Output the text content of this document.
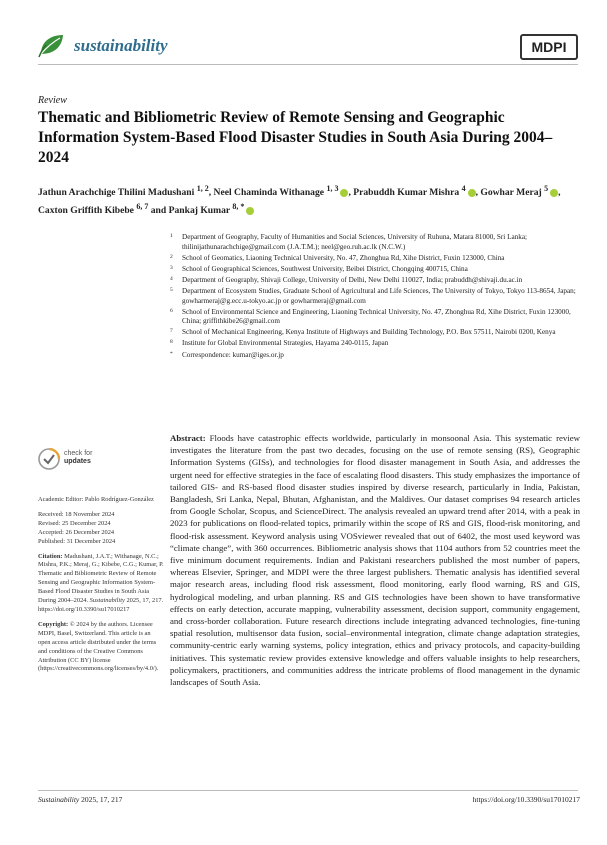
sustainability	MDPI
Review
Thematic and Bibliometric Review of Remote Sensing and Geographic Information System-Based Flood Disaster Studies in South Asia During 2004–2024
Jathun Arachchige Thilini Madushani $^{1, 2}$, Neel Chaminda Withanage $^{1, 3}$ , Prabuddh Kumar Mishra $^4$ , Gowhar Meraj $^5$ , Caxton Griffith Kibebe $^{6, 7}$ and Pankaj Kumar $^{8, *}$
1 Department of Geography, Faculty of Humanities and Social Sciences, University of Ruhuna, Matara 81000, Sri Lanka; thilinijathunarachchige@gmail.com (J.A.T.M.); neel@geo.ruh.ac.lk (N.C.W.)
2 School of Geomatics, Liaoning Technical University, No. 47, Zhonghua Rd, Xihe District, Fuxin 123000, China
3 School of Geographical Sciences, Southwest University, Beibei District, Chongqing 400715, China
4 Department of Geography, Shivaji College, University of Delhi, New Delhi 110027, India; prabuddh@shivaji.du.ac.in
5 Department of Ecosystem Studies, Graduate School of Agricultural and Life Sciences, The University of Tokyo, Tokyo 113-8654, Japan; gowharmeraj@g.ecc.u-tokyo.ac.jp or gowharmeraj@gmail.com
6 School of Environmental Science and Engineering, Liaoning Technical University, No. 47, Zhonghua Rd, Xihe District, Fuxin 123000, China; griffithkibe26@gmail.com
7 School of Mechanical Engineering, Kenya Institute of Highways and Building Technology, P.O. Box 57511, Nairobi 0200, Kenya
8 Institute for Global Environmental Strategies, Hayama 240-0115, Japan
* Correspondence: kumar@iges.or.jp
check for
updates
Academic Editor: Pablo Rodríguez-González
Received: 18 November 2024
Revised: 25 December 2024
Accepted: 26 December 2024
Published: 31 December 2024
Citation: Madushani, J.A.T.; Withanage, N.C.; Mishra, P.K.; Meraj, G.; Kibebe, C.G.; Kumar, P. Thematic and Bibliometric Review of Remote Sensing and Geographic Information System-Based Flood Disaster Studies in South Asia During 2004–2024. Sustainability 2025, 17, 217. https://doi.org/10.3390/su17010217
Copyright: © 2024 by the authors. Licensee MDPI, Basel, Switzerland. This article is an open access article distributed under the terms and conditions of the Creative Commons Attribution (CC BY) license (https://creativecommons.org/licenses/by/4.0/).
Abstract: Floods have catastrophic effects worldwide, particularly in monsoonal Asia. This systematic review investigates the literature from the past two decades, focusing on the use of remote sensing (RS), Geographic Information Systems (GISs), and technologies for flood disaster management in South Asia, and addresses the urgent need for effective strategies in the face of escalating flood disasters. This study emphasizes the importance of tailored GIS- and RS-based flood disaster studies inspired by diverse research, particularly in India, Pakistan, Bangladesh, Sri Lanka, Nepal, Bhutan, Afghanistan, and the Maldives. Our dataset comprises 94 research articles from Google Scholar, Scopus, and ScienceDirect. The analysis revealed an upward trend after 2014, with a peak in 2023 for publications on flood-related topics, primarily within the scope of RS and GIS, flood-risk monitoring, and flood-risk assessment. Keyword analysis using VOSviewer revealed that out of 6402, the most used keyword was “climate change”, with 360 occurrences. Bibliometric analysis shows that 1104 authors from 52 countries meet the five minimum document requirements. Indian and Pakistani researchers published the most number of papers, whereas Elsevier, Springer, and MDPI were the three largest publishers. Thematic analysis has identified several major research areas, including flood risk assessment, flood monitoring, early flood warning, RS and GIS, hydrological modeling, and urban planning. RS and GIS technologies have been shown to have transformative effects on early detection, accurate mapping, vulnerability assessment, decision support, community engagement, and cross-border collaboration. Future research directions include integrating advanced technologies, fine-tuning spatial resolution, multisensor data fusion, social–environmental integration, climate change adaptation strategies, community-centric early warning systems, policy integration, ethics and privacy protocols, and capacity-building initiatives. This systematic review provides extensive knowledge and offers valuable insights to help researchers, policymakers, practitioners, and communities address the intricate problems of flood management in the dynamic landscapes of South Asia.
Sustainability 2025, 17, 217	https://doi.org/10.3390/su17010217
